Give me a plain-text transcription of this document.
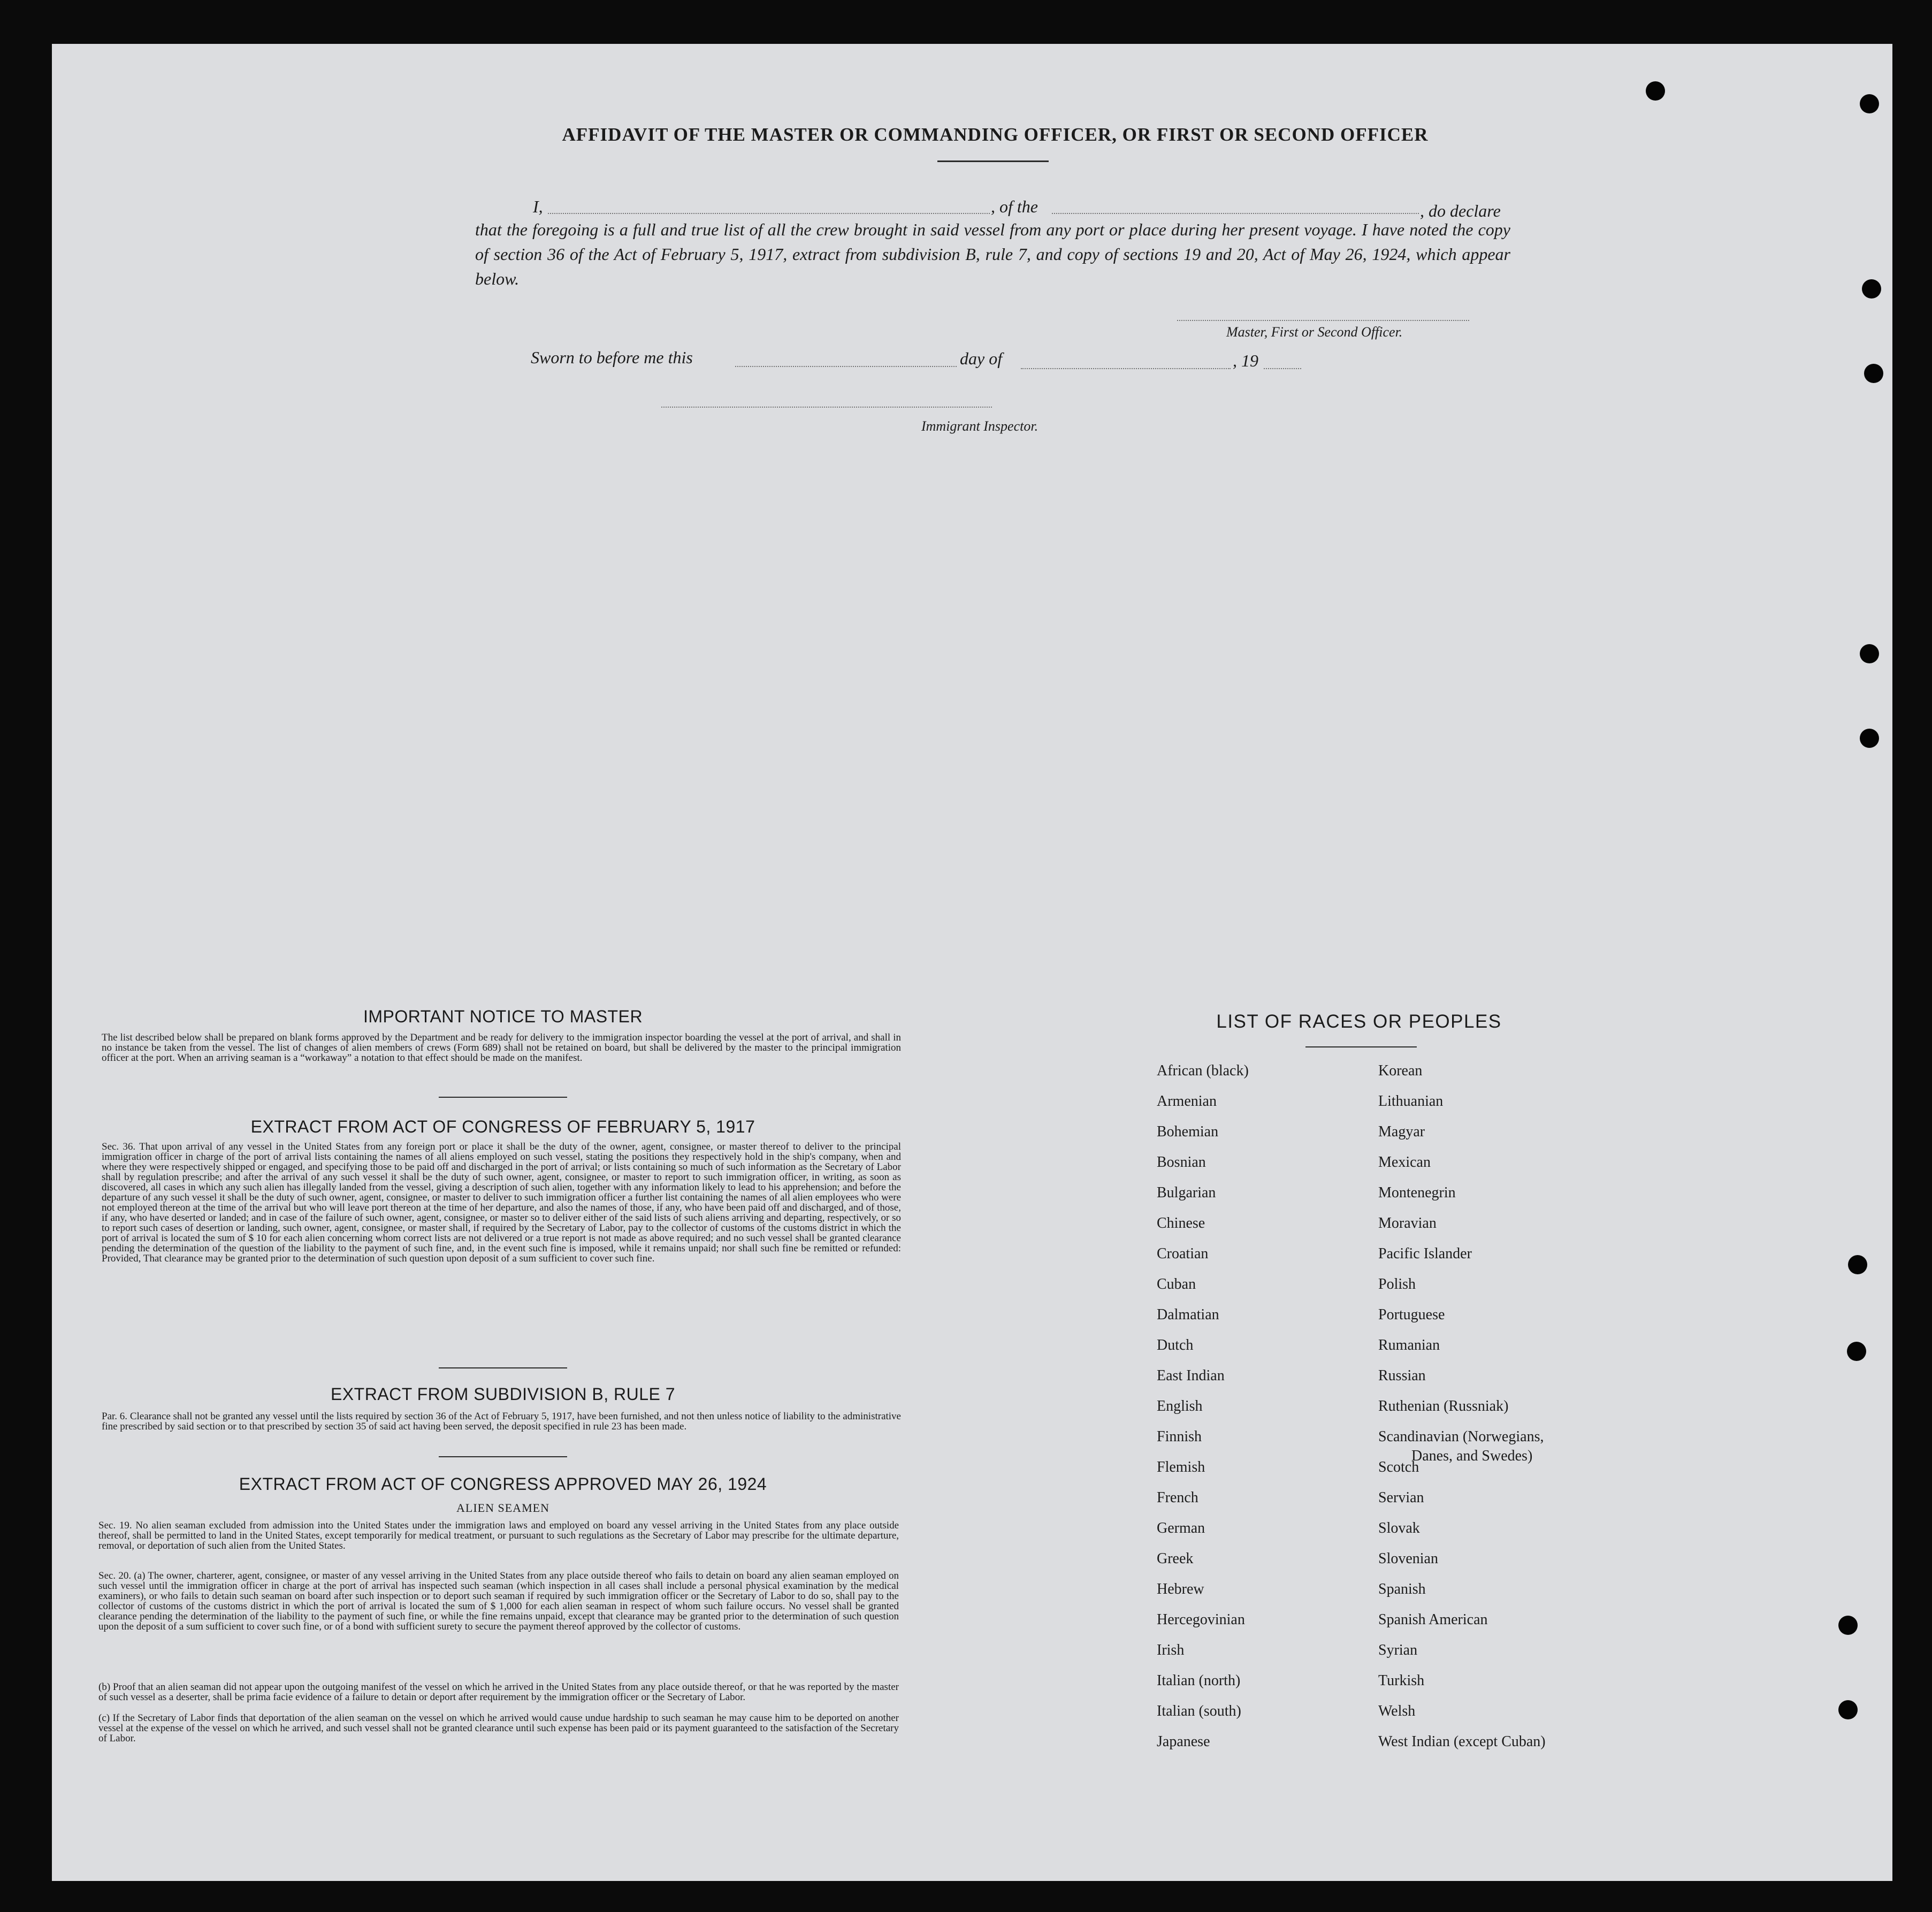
AFFIDAVIT OF THE MASTER OR COMMANDING OFFICER, OR FIRST OR SECOND OFFICER
I,	, of the	, do declare
that the foregoing is a full and true list of all the crew brought in said vessel from any port or place during her present voyage. I have noted the copy of section 36 of the Act of February 5, 1917, extract from subdivision B, rule 7, and copy of sections 19 and 20, Act of May 26, 1924, which appear below.
Master, First or Second Officer.
Sworn to before me this	day of	, 19
Immigrant Inspector.
IMPORTANT NOTICE TO MASTER
The list described below shall be prepared on blank forms approved by the Department and be ready for delivery to the immigration inspector boarding the vessel at the port of arrival, and shall in no instance be taken from the vessel. The list of changes of alien members of crews (Form 689) shall not be retained on board, but shall be delivered by the master to the principal immigration officer at the port. When an arriving seaman is a “workaway” a notation to that effect should be made on the manifest.
EXTRACT FROM ACT OF CONGRESS OF FEBRUARY 5, 1917
Sec. 36. That upon arrival of any vessel in the United States from any foreign port or place it shall be the duty of the owner, agent, consignee, or master thereof to deliver to the principal immigration officer in charge of the port of arrival lists containing the names of all aliens employed on such vessel, stating the positions they respectively hold in the ship's company, when and where they were respectively shipped or engaged, and specifying those to be paid off and discharged in the port of arrival; or lists containing so much of such information as the Secretary of Labor shall by regulation prescribe; and after the arrival of any such vessel it shall be the duty of such owner, agent, consignee, or master to report to such immigration officer, in writing, as soon as discovered, all cases in which any such alien has illegally landed from the vessel, giving a description of such alien, together with any information likely to lead to his apprehension; and before the departure of any such vessel it shall be the duty of such owner, agent, consignee, or master to deliver to such immigration officer a further list containing the names of all alien employees who were not employed thereon at the time of the arrival but who will leave port thereon at the time of her departure, and also the names of those, if any, who have been paid off and discharged, and of those, if any, who have deserted or landed; and in case of the failure of such owner, agent, consignee, or master so to deliver either of the said lists of such aliens arriving and departing, respectively, or so to report such cases of desertion or landing, such owner, agent, consignee, or master shall, if required by the Secretary of Labor, pay to the collector of customs of the customs district in which the port of arrival is located the sum of $ 10 for each alien concerning whom correct lists are not delivered or a true report is not made as above required; and no such vessel shall be granted clearance pending the determination of the question of the liability to the payment of such fine, and, in the event such fine is imposed, while it remains unpaid; nor shall such fine be remitted or refunded: Provided, That clearance may be granted prior to the determination of such question upon deposit of a sum sufficient to cover such fine.
EXTRACT FROM SUBDIVISION B, RULE 7
Par. 6. Clearance shall not be granted any vessel until the lists required by section 36 of the Act of February 5, 1917, have been furnished, and not then unless notice of liability to the administrative fine prescribed by said section or to that prescribed by section 35 of said act having been served, the deposit specified in rule 23 has been made.
EXTRACT FROM ACT OF CONGRESS APPROVED MAY 26, 1924
ALIEN SEAMEN
Sec. 19. No alien seaman excluded from admission into the United States under the immigration laws and employed on board any vessel arriving in the United States from any place outside thereof, shall be permitted to land in the United States, except temporarily for medical treatment, or pursuant to such regulations as the Secretary of Labor may prescribe for the ultimate departure, removal, or deportation of such alien from the United States.
Sec. 20. (a) The owner, charterer, agent, consignee, or master of any vessel arriving in the United States from any place outside thereof who fails to detain on board any alien seaman employed on such vessel until the immigration officer in charge at the port of arrival has inspected such seaman (which inspection in all cases shall include a personal physical examination by the medical examiners), or who fails to detain such seaman on board after such inspection or to deport such seaman if required by such immigration officer or the Secretary of Labor to do so, shall pay to the collector of customs of the customs district in which the port of arrival is located the sum of $ 1,000 for each alien seaman in respect of whom such failure occurs. No vessel shall be granted clearance pending the determination of the liability to the payment of such fine, or while the fine remains unpaid, except that clearance may be granted prior to the determination of such question upon the deposit of a sum sufficient to cover such fine, or of a bond with sufficient surety to secure the payment thereof approved by the collector of customs.
(b) Proof that an alien seaman did not appear upon the outgoing manifest of the vessel on which he arrived in the United States from any place outside thereof, or that he was reported by the master of such vessel as a deserter, shall be prima facie evidence of a failure to detain or deport after requirement by the immigration officer or the Secretary of Labor.
(c) If the Secretary of Labor finds that deportation of the alien seaman on the vessel on which he arrived would cause undue hardship to such seaman he may cause him to be deported on another vessel at the expense of the vessel on which he arrived, and such vessel shall not be granted clearance until such expense has been paid or its payment guaranteed to the satisfaction of the Secretary of Labor.
LIST OF RACES OR PEOPLES
African (black)
Armenian
Bohemian
Bosnian
Bulgarian
Chinese
Croatian
Cuban
Dalmatian
Dutch
East Indian
English
Finnish
Flemish
French
German
Greek
Hebrew
Hercegovinian
Irish
Italian (north)
Italian (south)
Japanese
Korean
Lithuanian
Magyar
Mexican
Montenegrin
Moravian
Pacific Islander
Polish
Portuguese
Rumanian
Russian
Ruthenian (Russniak)
Scandinavian (Norwegians,
Scotch
Servian
Slovak
Slovenian
Spanish
Spanish American
Syrian
Turkish
Welsh
West Indian (except Cuban)
Danes, and Swedes)
